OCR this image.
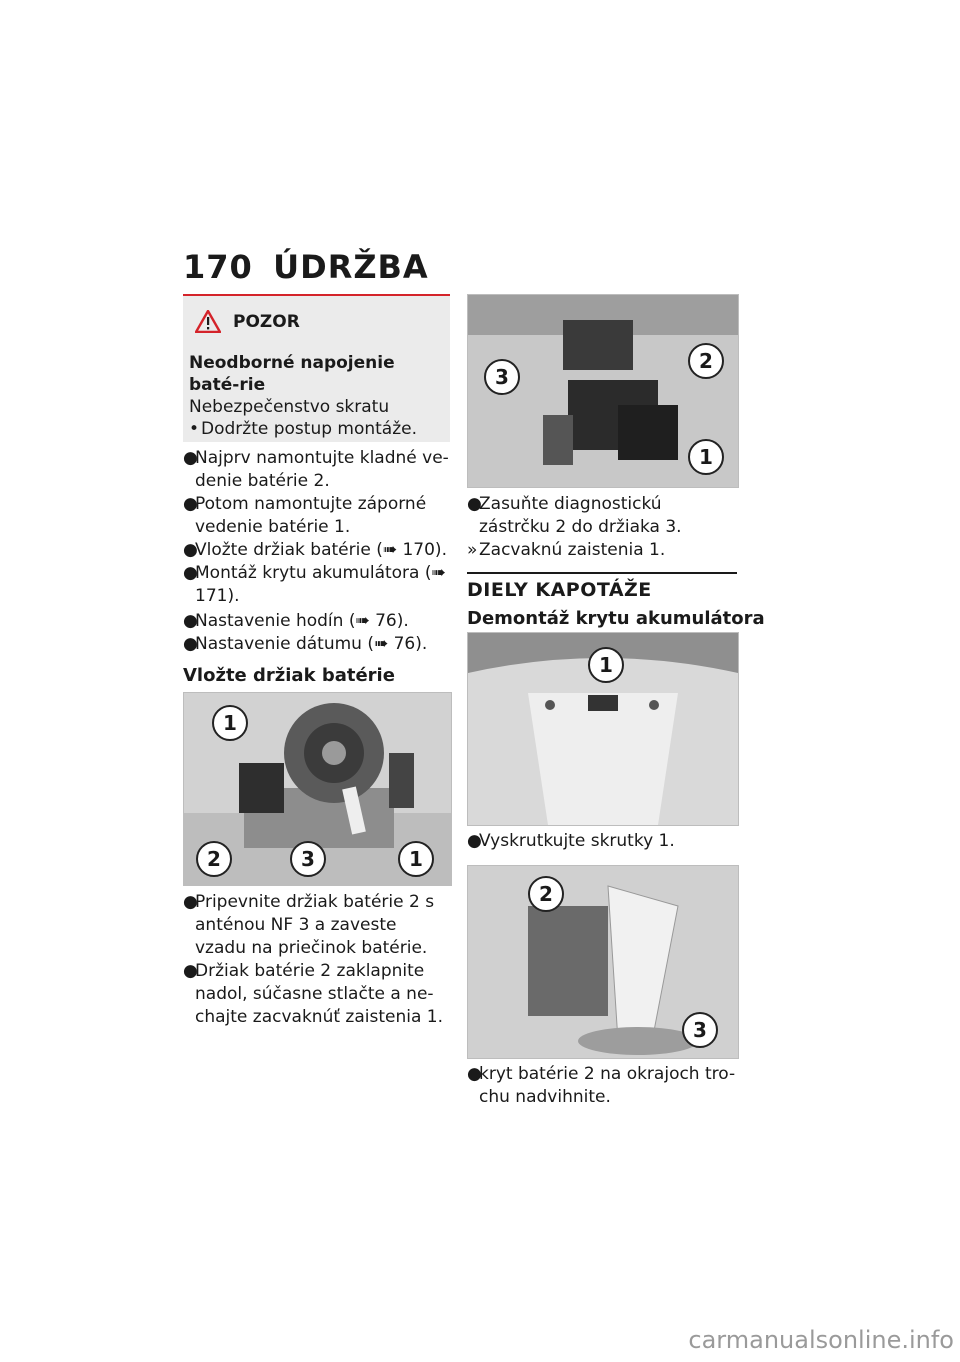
170 ÚDRŽBA
POZOR
Neodborné napojenie baté-rie
Nebezpečenstvo skratu
• Dodržte postup montáže.

●
Najprv namontujte kladné ve-denie batérie 2.

●
Potom namontujte záporné vedenie batérie 1.

●
Vložte držiak batérie (➠ 170).

●
Montáž krytu akumulátora (➠ 171).

●
Nastavenie hodín (➠ 76).

●
Nastavenie dátumu (➠ 76).

Vložte držiak batérie
1
2	3	1

●
Pripevnite držiak batérie 2 s anténou NF 3 a zaveste vzadu na priečinok batérie.

●
Držiak batérie 2 zaklapnite nadol, súčasne stlačte a ne-chajte zacvaknúť zaistenia 1.

3
2
1

●
Zasuňte diagnostickú zástrčku 2 do držiaka 3.

» Zacvaknú zaistenia 1.

DIELY KAPOTÁŽE
Demontáž krytu akumulátora
1

●
Vyskrutkujte skrutky 1.

2
3

●
kryt batérie 2 na okrajoch tro-chu nadvihnite.

carmanualsonline.info
